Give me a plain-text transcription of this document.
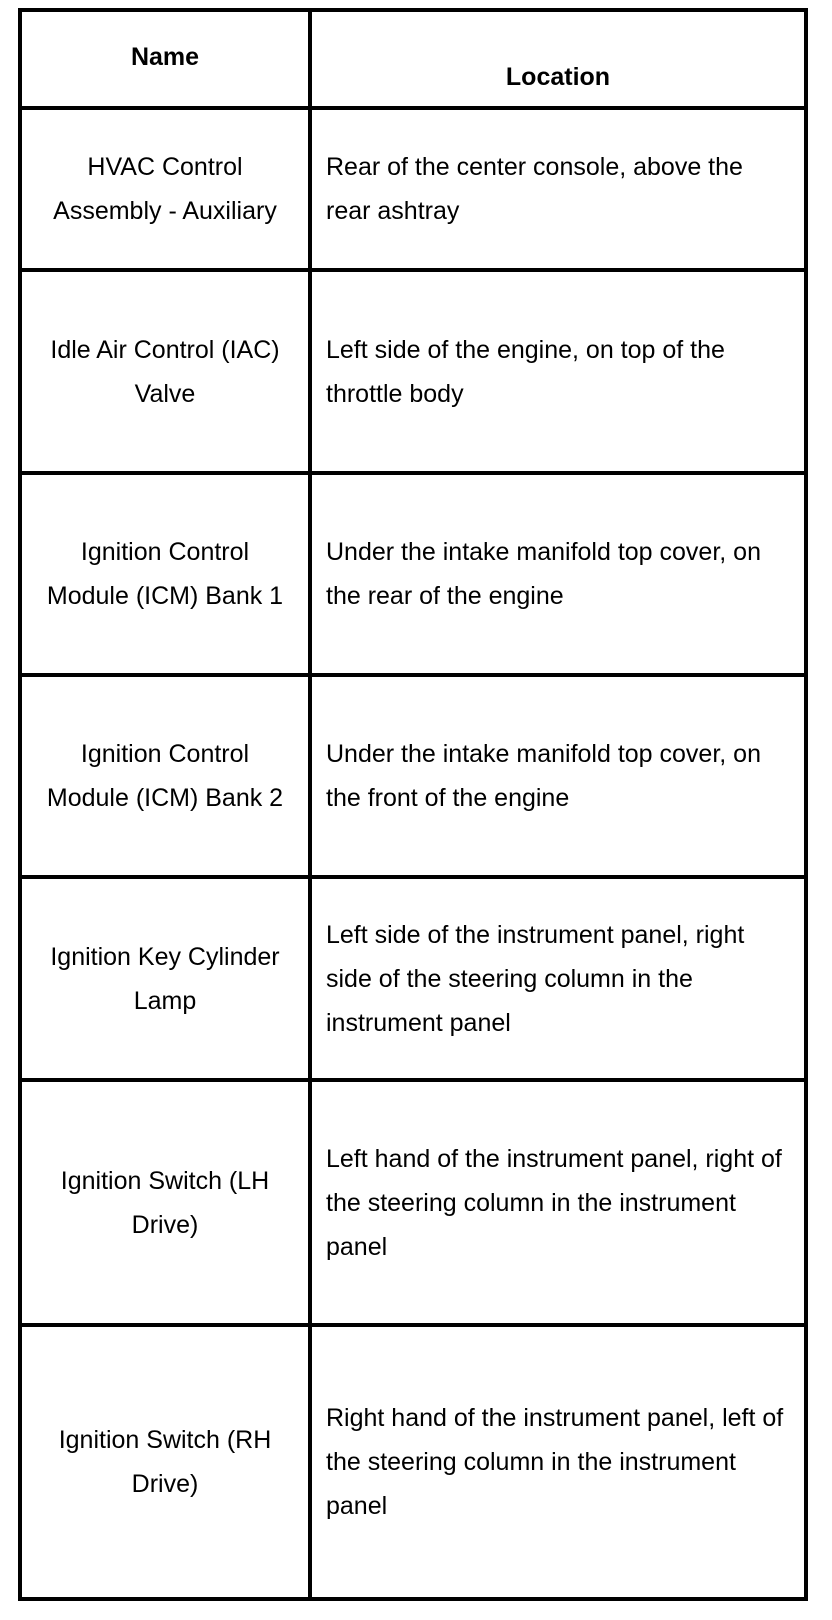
Name	Location

HVAC Control Assembly - Auxiliary	Rear of the center console, above the rear ashtray

Idle Air Control (IAC) Valve	Left side of the engine, on top of the throttle body

Ignition Control Module (ICM) Bank 1	Under the intake manifold top cover, on the rear of the engine

Ignition Control Module (ICM) Bank 2	Under the intake manifold top cover, on the front of the engine

Ignition Key Cylinder Lamp	Left side of the instrument panel, right side of the steering column in the instrument panel

Ignition Switch (LH Drive)	Left hand of the instrument panel, right of the steering column in the instrument panel

Ignition Switch (RH Drive)	Right hand of the instrument panel, left of the steering column in the instrument panel
